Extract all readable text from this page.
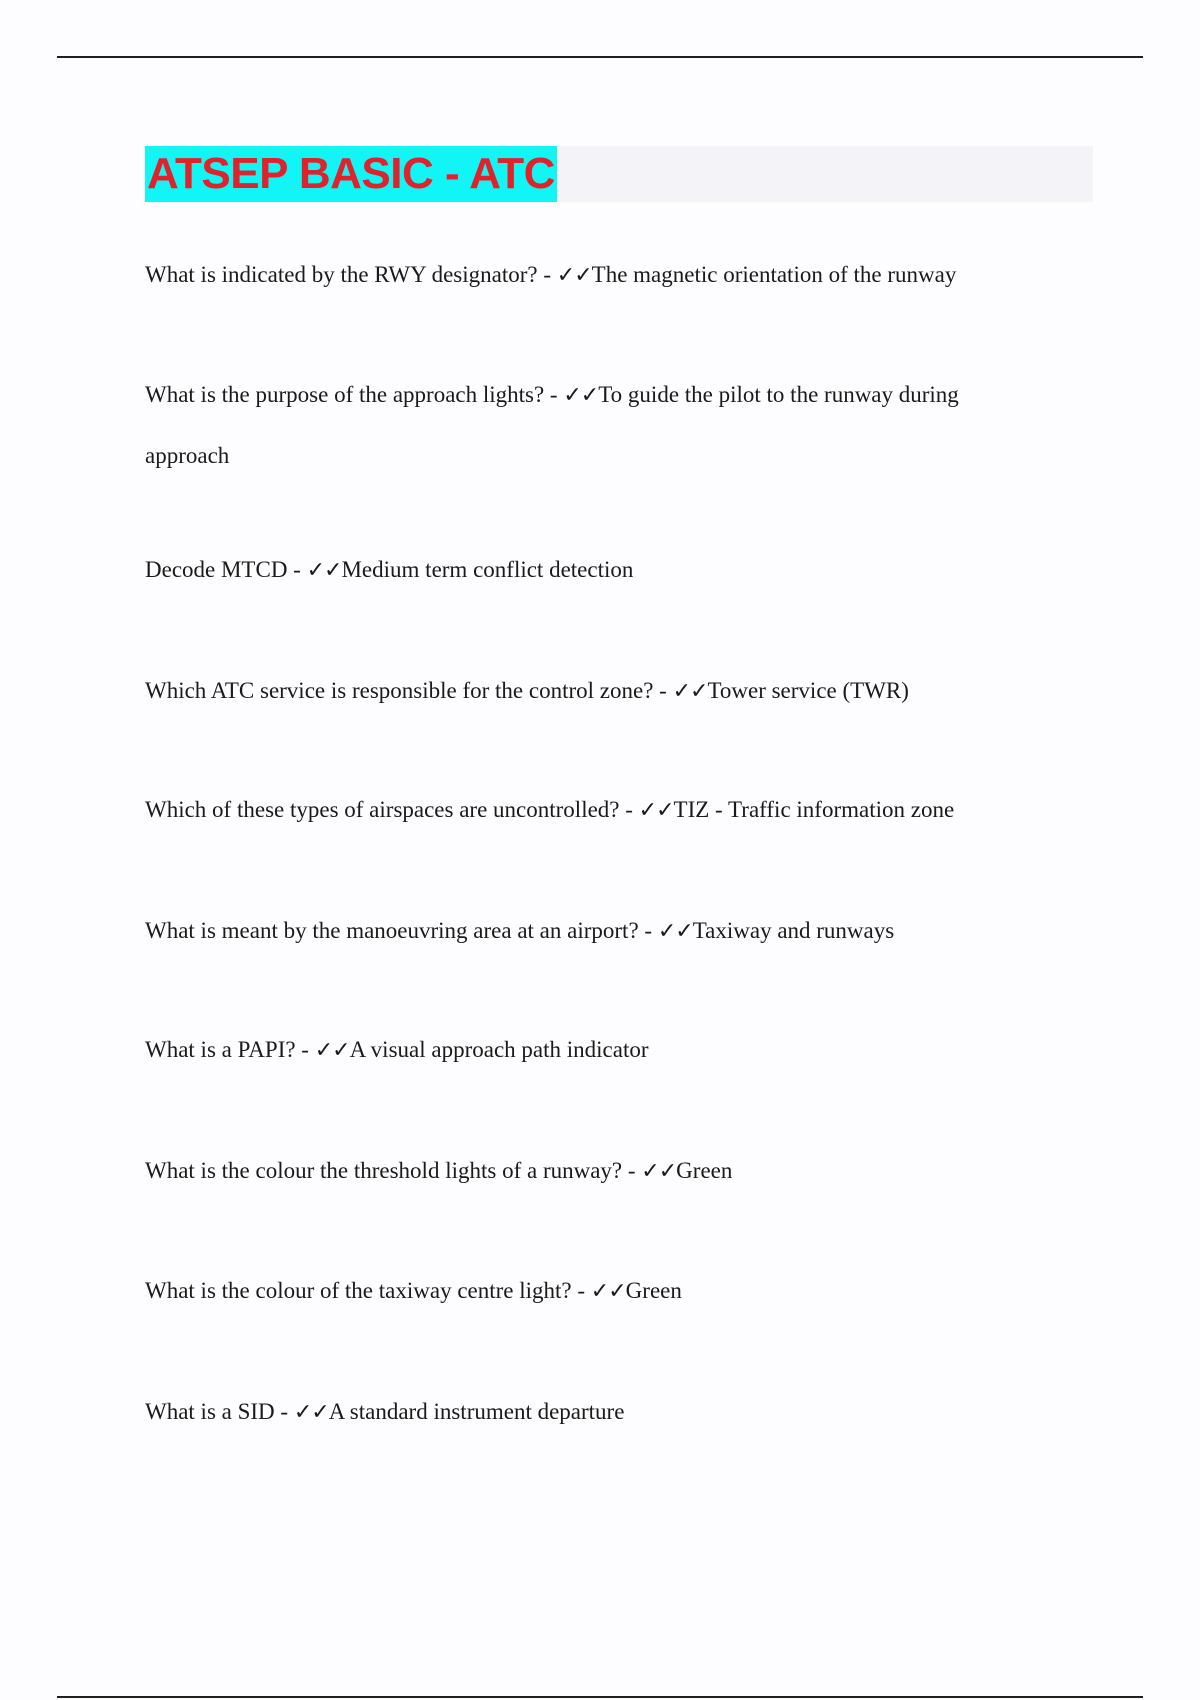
ATSEP BASIC - ATC
What is indicated by the RWY designator? - ✓✓The magnetic orientation of the runway
What is the purpose of the approach lights? - ✓✓To guide the pilot to the runway during approach
Decode MTCD - ✓✓Medium term conflict detection
Which ATC service is responsible for the control zone? - ✓✓Tower service (TWR)
Which of these types of airspaces are uncontrolled? - ✓✓TIZ - Traffic information zone
What is meant by the manoeuvring area at an airport? - ✓✓Taxiway and runways
What is a PAPI? - ✓✓A visual approach path indicator
What is the colour the threshold lights of a runway? - ✓✓Green
What is the colour of the taxiway centre light? - ✓✓Green
What is a SID - ✓✓A standard instrument departure
